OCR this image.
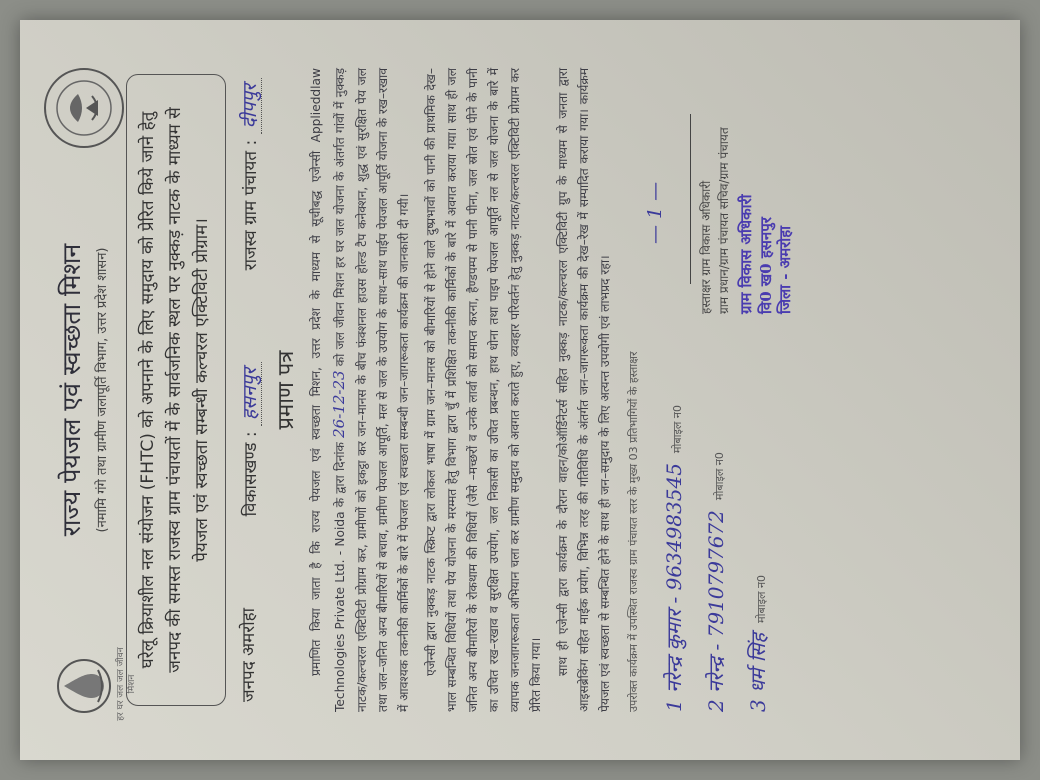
हर घर जल जल जीवन मिशन
राज्य पेयजल एवं स्वच्छता मिशन (नमामि गंगे तथा ग्रामीण जलापूर्ति विभाग, उत्तर प्रदेश शासन)	घरेलू क्रियाशील नल संयोजन (FHTC) को अपनाने के लिए समुदाय को प्रेरित किये जाने हेतु जनपद की समस्त राजस्व ग्राम पंचायतों में के सार्वजनिक स्थल पर नुक्कड़ नाटक के माध्यम से पेयजल एवं स्वच्छता सम्बन्धी कल्चरल एक्टिविटी प्रोग्राम।
जनपद अमरोहा
विकासखण्ड : हसनपुर
राजस्व ग्राम पंचायत : दीपपुर
प्रमाण पत्र प्रमाणित किया जाता है कि राज्य पेयजल एवं स्वच्छता मिशन, उत्तर प्रदेश के माध्यम से सूचीबद्ध एजेन्सी Applieddlaw Technologies Private Ltd. - Noida के द्वारा दिनांक 26-12-23 को जल जीवन मिशन हर घर जल योजना के अंतर्गत गांवों में नुक्कड़ नाटक/कल्चरल एक्टिविटी प्रोग्राम कर, ग्रामीणों को इकट्ठा कर जन–मानस के बीच फंक्शनल हाउस होल्ड टैप कनेक्शन, शुद्ध एवं सुरक्षित पेय जल तथा जल–जनित अन्य बीमारियों से बचाव, ग्रामीण पेयजल आपूर्ति, मल से जल के उपयोग के साथ–साथ पाईप पेयजल आपूर्ति योजना के रख–रखाव में आवश्यक तकनीकी कार्मिकों के बारे में पेयजल एवं स्वच्छता सम्बन्धी जन–जागरूकता कार्यक्रम की जानकारी दी गयी।	एजेन्सी द्वारा नुक्कड़ नाटक स्क्रिप्ट द्वारा लोकल भाषा में ग्राम जन–मानस को बीमारियों से होने वाले दुष्प्रभावों को पानी की प्राथमिक देख–भाल सम्बन्धित विधियों तथा पेय योजना के मरम्मत हेतु विभाग द्वारा चुँ में प्रशिक्षित तकनीकी कार्मिकों के बारे में अवगत कराया गया। साथ ही जल जनित अन्य बीमारियों के रोकथाम की विधियों (जैसे –मच्छरों व उनके लार्वा को समाप्त करना, हैण्डपम्प से पानी पीना, जल स्रोत एवं पीने के पानी का उचित रख–रखाव व सुरक्षित उपयोग, जल निकासी का उचित प्रबन्धन, हाथ धोना तथा पाइप पेयजल आपूर्ति नल से जल योजना के बारे में व्यापक जनजागरूकता अभियान चला कर ग्रामीण समुदाय को अवगत कराते हुए, व्यवहार परिवर्तन हेतु नुक्कड़ नाटक/कल्चरल एक्टिविटी प्रोग्राम कर प्रेरित किया गया।	साथ ही एजेन्सी द्वारा कार्यक्रम के दौरान वाहन/कोऑर्डिनेटर्स सहित नुक्कड़ नाटक/कल्चरल एक्टिविटी ग्रुप के माध्यम से जनता द्वारा आइसब्रेकिंग सहित माईक प्रयोग, विभिन्न तरह की गतिविधि के अंतर्गत जन–जागरूकता कार्यक्रम की देख–रेख में सम्पादित कराया गया। कार्यक्रम पेयजल एवं स्वच्छता से सम्बन्धित होने के साथ ही जन–समुदाय के लिए अत्यन्त उपयोगी एवं लाभप्रद रहा।	उपरोक्त कार्यक्रम में उपस्थित राजस्व ग्राम पंचायत स्तर के मुख्य 03 प्रतिभागियों के हस्ताक्षर 1 नरेन्द्र कुमार - 9634983545मोबाइल न0
2 नरेन्द्र - 7910797672मोबाइल न0
3 धर्म सिंहमोबाइल न0
— 1 —	हस्ताक्षर ग्राम विकास अधिकारी ग्राम प्रधान/ग्राम पंचायत सचिव/ग्राम पंचायत ग्राम विकास अधिकारी वि0 ख0 हसनपुर जिला - अमरोहा
